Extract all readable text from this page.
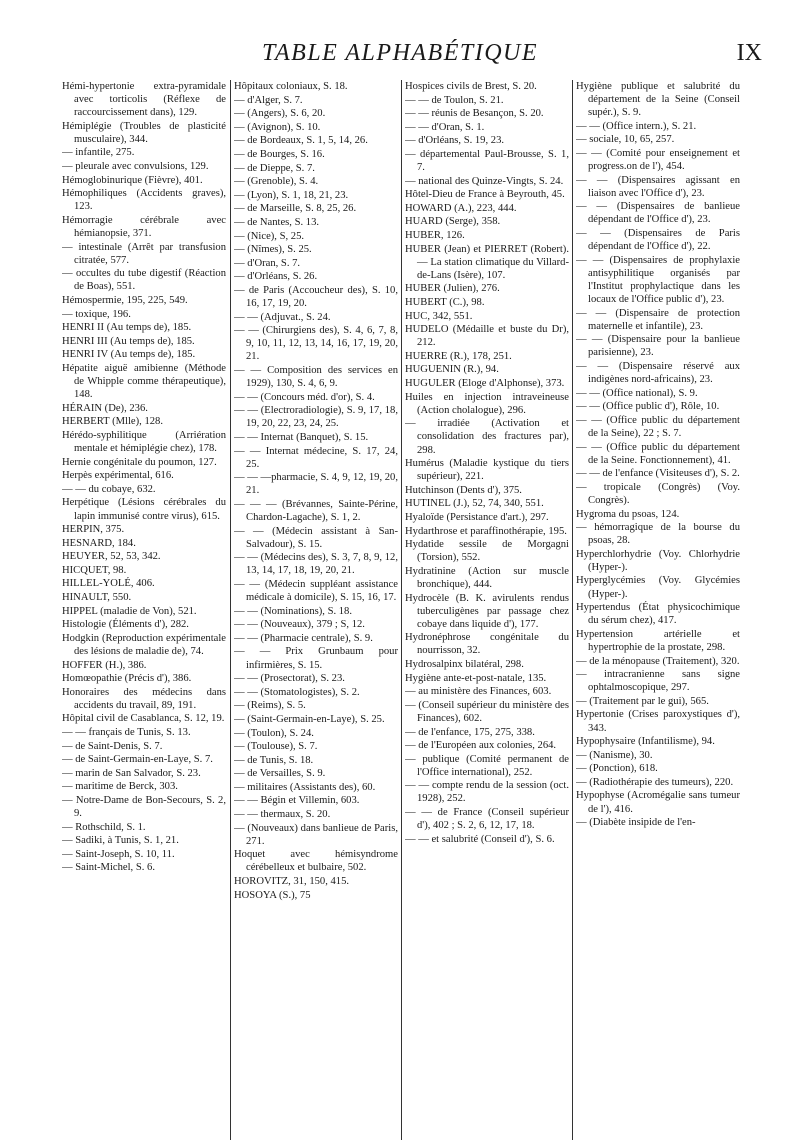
TABLE ALPHABÉTIQUE	IX
Hémi-hypertonie extra-pyramidale avec torticolis (Réflexe de raccourcissement dans), 129.
Hémiplégie (Troubles de plasticité musculaire), 344.
— infantile, 275.
— pleurale avec convulsions, 129.
Hémoglobinurique (Fièvre), 401.
Hémophiliques (Accidents graves), 123.
Hémorragie cérébrale avec hémianopsie, 371.
— intestinale (Arrêt par transfusion citratée, 577.
— occultes du tube digestif (Réaction de Boas), 551.
Hémospermie, 195, 225, 549.
— toxique, 196.
HENRI II (Au temps de), 185.
HENRI III (Au temps de), 185.
HENRI IV (Au temps de), 185.
Hépatite aiguë amibienne (Méthode de Whipple comme thérapeutique), 148.
HÉRAIN (De), 236.
HERBERT (Mlle), 128.
Hérédo-syphilitique (Arriération mentale et hémiplégie chez), 178.
Hernie congénitale du poumon, 127.
Herpès expérimental, 616.
— — du cobaye, 632.
Herpétique (Lésions cérébrales du lapin immunisé contre virus), 615.
HERPIN, 375.
HESNARD, 184.
HEUYER, 52, 53, 342.
HICQUET, 98.
HILLEL-YOLÉ, 406.
HINAULT, 550.
HIPPEL (maladie de Von), 521.
Histologie (Éléments d'), 282.
Hodgkin (Reproduction expérimentale des lésions de maladie de), 74.
HOFFER (H.), 386.
Homœopathie (Précis d'), 386.
Honoraires des médecins dans accidents du travail, 89, 191.
Hôpital civil de Casablanca, S. 12, 19.
— — français de Tunis, S. 13.
— de Saint-Denis, S. 7.
— de Saint-Germain-en-Laye, S. 7.
— marin de San Salvador, S. 23.
— maritime de Berck, 303.
— Notre-Dame de Bon-Secours, S. 2, 9.
— Rothschild, S. 1.
— Sadiki, à Tunis, S. 1, 21.
— Saint-Joseph, S. 10, 11.
— Saint-Michel, S. 6.
Hôpitaux coloniaux, S. 18.
— d'Alger, S. 7.
— (Angers), S. 6, 20.
— (Avignon), S. 10.
— de Bordeaux, S. 1, 5, 14, 26.
— de Bourges, S. 16.
— de Dieppe, S. 7.
— (Grenoble), S. 4.
— (Lyon), S. 1, 18, 21, 23.
— de Marseille, S. 8, 25, 26.
— de Nantes, S. 13.
— (Nice), S, 25.
— (Nîmes), S. 25.
— d'Oran, S. 7.
— d'Orléans, S. 26.
— de Paris (Accoucheur des), S. 10, 16, 17, 19, 20.
— — (Adjuvat., S. 24.
— — (Chirurgiens des), S. 4, 6, 7, 8, 9, 10, 11, 12, 13, 14, 16, 17, 19, 20, 21.
— — Composition des services en 1929), 130, S. 4, 6, 9.
— — (Concours méd. d'or), S. 4.
— — (Electroradiologie), S. 9, 17, 18, 19, 20, 22, 23, 24, 25.
— — Internat (Banquet), S. 15.
— — Internat médecine, S. 17, 24, 25.
— — —pharmacie, S. 4, 9, 12, 19, 20, 21.
— — — (Brévannes, Sainte-Périne, Chardon-Lagache), S. 1, 2.
— — (Médecin assistant à San-Salvadour), S. 15.
— — (Médecins des), S. 3, 7, 8, 9, 12, 13, 14, 17, 18, 19, 20, 21.
— — (Médecin suppléant assistance médicale à domicile), S. 15, 16, 17.
— — (Nominations), S. 18.
— — (Nouveaux), 379 ; S, 12.
— — (Pharmacie centrale), S. 9.
— — Prix Grunbaum pour infirmières, S. 15.
— — (Prosectorat), S. 23.
— — (Stomatologistes), S. 2.
— (Reims), S. 5.
— (Saint-Germain-en-Laye), S. 25.
— (Toulon), S. 24.
— (Toulouse), S. 7.
— de Tunis, S. 18.
— de Versailles, S. 9.
— militaires (Assistants des), 60.
— — Bégin et Villemin, 603.
— — thermaux, S. 20.
— (Nouveaux) dans banlieue de Paris, 271.
Hoquet avec hémisyndrome cérébelleux et bulbaire, 502.
HOROVITZ, 31, 150, 415.
HOSOYA (S.), 75
Hospices civils de Brest, S. 20.
— — de Toulon, S. 21.
— — réunis de Besançon, S. 20.
— — d'Oran, S. 1.
— d'Orléans, S. 19, 23.
— départemental Paul-Brousse, S. 1, 7.
— national des Quinze-Vingts, S. 24.
Hôtel-Dieu de France à Beyrouth, 45.
HOWARD (A.), 223, 444.
HUARD (Serge), 358.
HUBER, 126.
HUBER (Jean) et PIERRET (Robert). — La station climatique du Villard-de-Lans (Isère), 107.
HUBER (Julien), 276.
HUBERT (C.), 98.
HUC, 342, 551.
HUDELO (Médaille et buste du Dr), 212.
HUERRE (R.), 178, 251.
HUGUENIN (R.), 94.
HUGULER (Eloge d'Alphonse), 373.
Huiles en injection intraveineuse (Action cholalogue), 296.
— irradiée (Activation et consolidation des fractures par), 298.
Humérus (Maladie kystique du tiers supérieur), 221.
Hutchinson (Dents d'), 375.
HUTINEL (J.), 52, 74, 340, 551.
Hyaloïde (Persistance d'art.), 297.
Hydarthrose et paraffinothérapie, 195.
Hydatide sessile de Morgagni (Torsion), 552.
Hydratinine (Action sur muscle bronchique), 444.
Hydrocèle (B. K. avirulents rendus tuberculigènes par passage chez cobaye dans liquide d'), 177.
Hydronéphrose congénitale du nourrisson, 32.
Hydrosalpinx bilatéral, 298.
Hygiène ante-et-post-natale, 135.
— au ministère des Finances, 603.
— (Conseil supérieur du ministère des Finances), 602.
— de l'enfance, 175, 275, 338.
— de l'Européen aux colonies, 264.
— publique (Comité permanent de l'Office international), 252.
— — compte rendu de la session (oct. 1928), 252.
— — de France (Conseil supérieur d'), 402 ; S. 2, 6, 12, 17, 18.
— — et salubrité (Conseil d'), S. 6.
Hygiène publique et salubrité du département de la Seine (Conseil supér.), S. 9.
— — (Office intern.), S. 21.
— sociale, 10, 65, 257.
— — (Comité pour enseignement et progress.on de l'), 454.
— — (Dispensaires agissant en liaison avec l'Office d'), 23.
— — (Dispensaires de banlieue dépendant de l'Office d'), 23.
— — (Dispensaires de Paris dépendant de l'Office d'), 22.
— — (Dispensaires de prophylaxie antisyphilitique organisés par l'Institut prophylactique dans les locaux de l'Office public d'), 23.
— — (Dispensaire de protection maternelle et infantile), 23.
— — (Dispensaire pour la banlieue parisienne), 23.
— — (Dispensaire réservé aux indigènes nord-africains), 23.
— — (Office national), S. 9.
— — (Office public d'), Rôle, 10.
— — (Office public du département de la Seine), 22 ; S. 7.
— — (Office public du département de la Seine. Fonctionnement), 41.
— — de l'enfance (Visiteuses d'), S. 2.
— tropicale (Congrès) (Voy. Congrès).
Hygroma du psoas, 124.
— hémorragique de la bourse du psoas, 28.
Hyperchlorhydrie (Voy. Chlorhydrie (Hyper-).
Hyperglycémies (Voy. Glycémies (Hyper-).
Hypertendus (État physicochimique du sérum chez), 417.
Hypertension artérielle et hypertrophie de la prostate, 298.
— de la ménopause (Traitement), 320.
— intracranienne sans signe ophtalmoscopique, 297.
— (Traitement par le gui), 565.
Hypertonie (Crises paroxystiques d'), 343.
Hypophysaire (Infantilisme), 94.
— (Nanisme), 30.
— (Ponction), 618.
— (Radiothérapie des tumeurs), 220.
Hypophyse (Acromégalie sans tumeur de l'), 416.
— (Diabète insipide de l'en-
